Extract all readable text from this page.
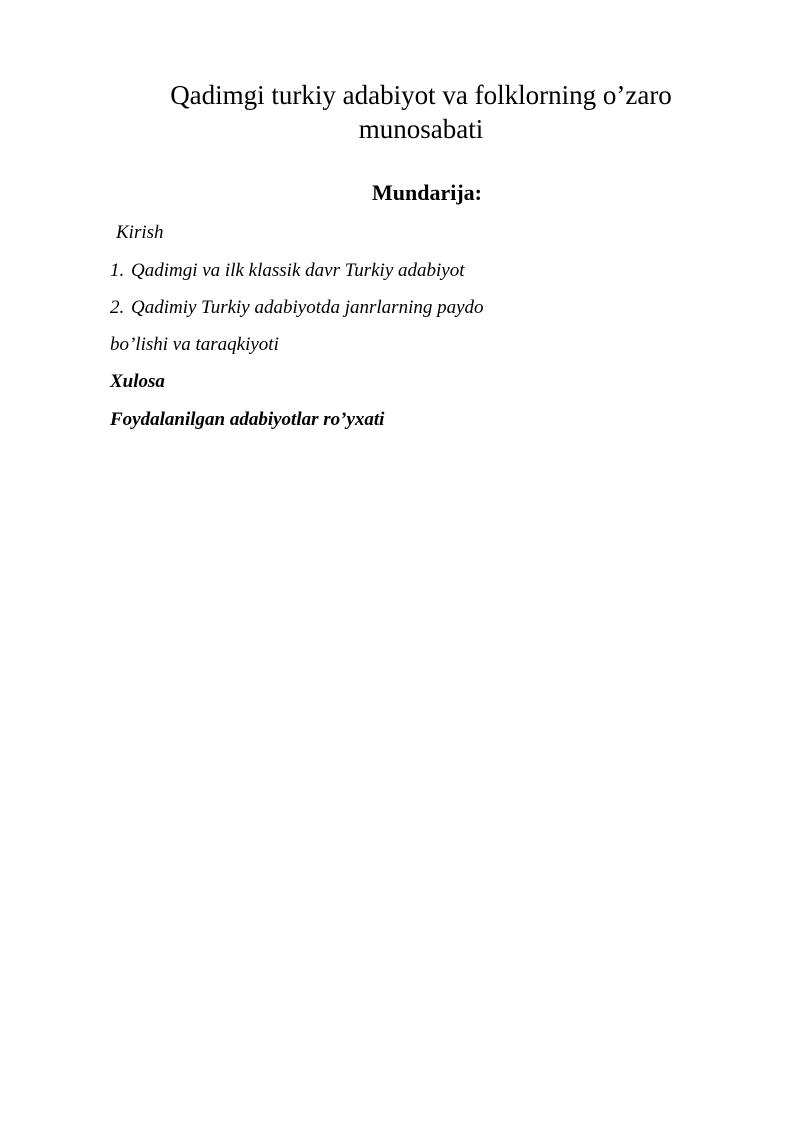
Qadimgi turkiy adabiyot va folklorning o’zaro munosabati
Mundarija:
Kirish
1. Qadimgi va ilk klassik davr Turkiy adabiyot
2. Qadimiy Turkiy adabiyotda janrlarning paydo
bo’lishi va taraqkiyoti
Xulosa
Foydalanilgan adabiyotlar ro’yxati
